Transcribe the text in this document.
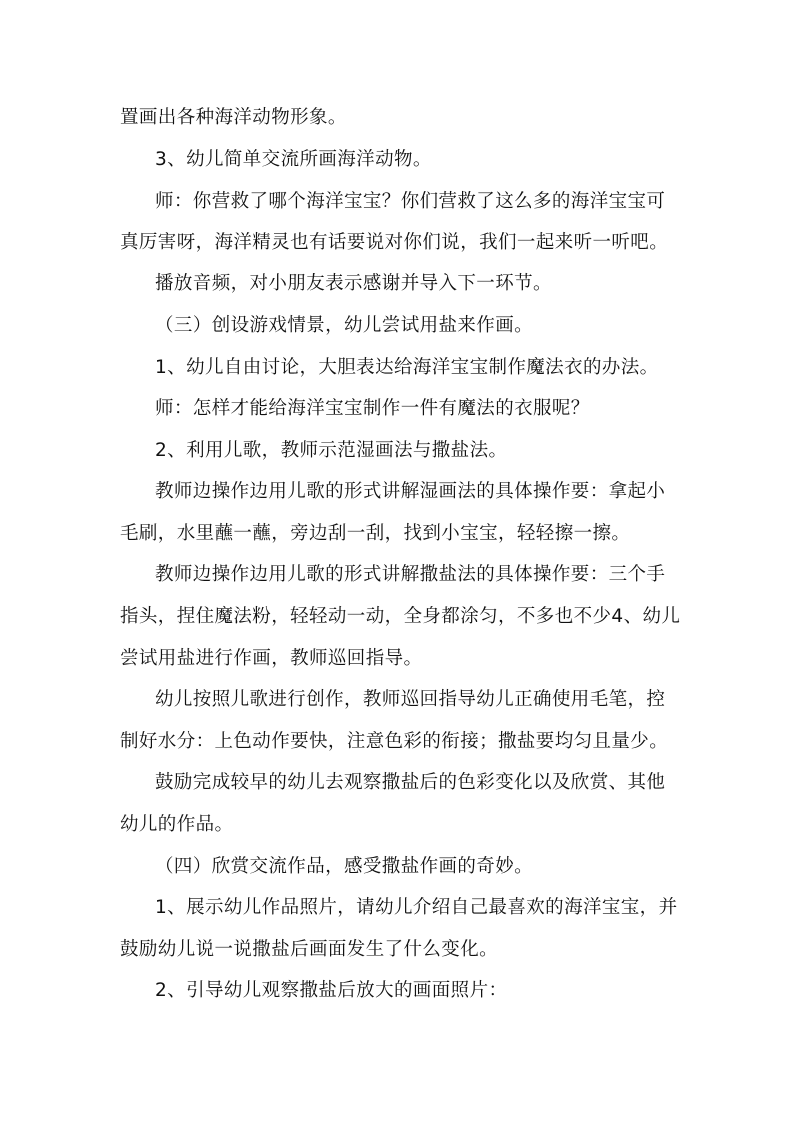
置画出各种海洋动物形象。
3、幼儿简单交流所画海洋动物。
师：你营救了哪个海洋宝宝？你们营救了这么多的海洋宝宝可
真厉害呀，海洋精灵也有话要说对你们说，我们一起来听一听吧。
播放音频，对小朋友表示感谢并导入下一环节。
（三）创设游戏情景，幼儿尝试用盐来作画。
1、幼儿自由讨论，大胆表达给海洋宝宝制作魔法衣的办法。
师：怎样才能给海洋宝宝制作一件有魔法的衣服呢？
2、利用儿歌，教师示范湿画法与撒盐法。
教师边操作边用儿歌的形式讲解湿画法的具体操作要：拿起小
毛刷，水里蘸一蘸，旁边刮一刮，找到小宝宝，轻轻擦一擦。
教师边操作边用儿歌的形式讲解撒盐法的具体操作要：三个手
指头，捏住魔法粉，轻轻动一动，全身都涂匀，不多也不少4、幼儿
尝试用盐进行作画，教师巡回指导。
幼儿按照儿歌进行创作，教师巡回指导幼儿正确使用毛笔，控
制好水分：上色动作要快，注意色彩的衔接；撒盐要均匀且量少。
鼓励完成较早的幼儿去观察撒盐后的色彩变化以及欣赏、其他
幼儿的作品。
（四）欣赏交流作品，感受撒盐作画的奇妙。
1、展示幼儿作品照片，请幼儿介绍自己最喜欢的海洋宝宝，并
鼓励幼儿说一说撒盐后画面发生了什么变化。
2、引导幼儿观察撒盐后放大的画面照片：
